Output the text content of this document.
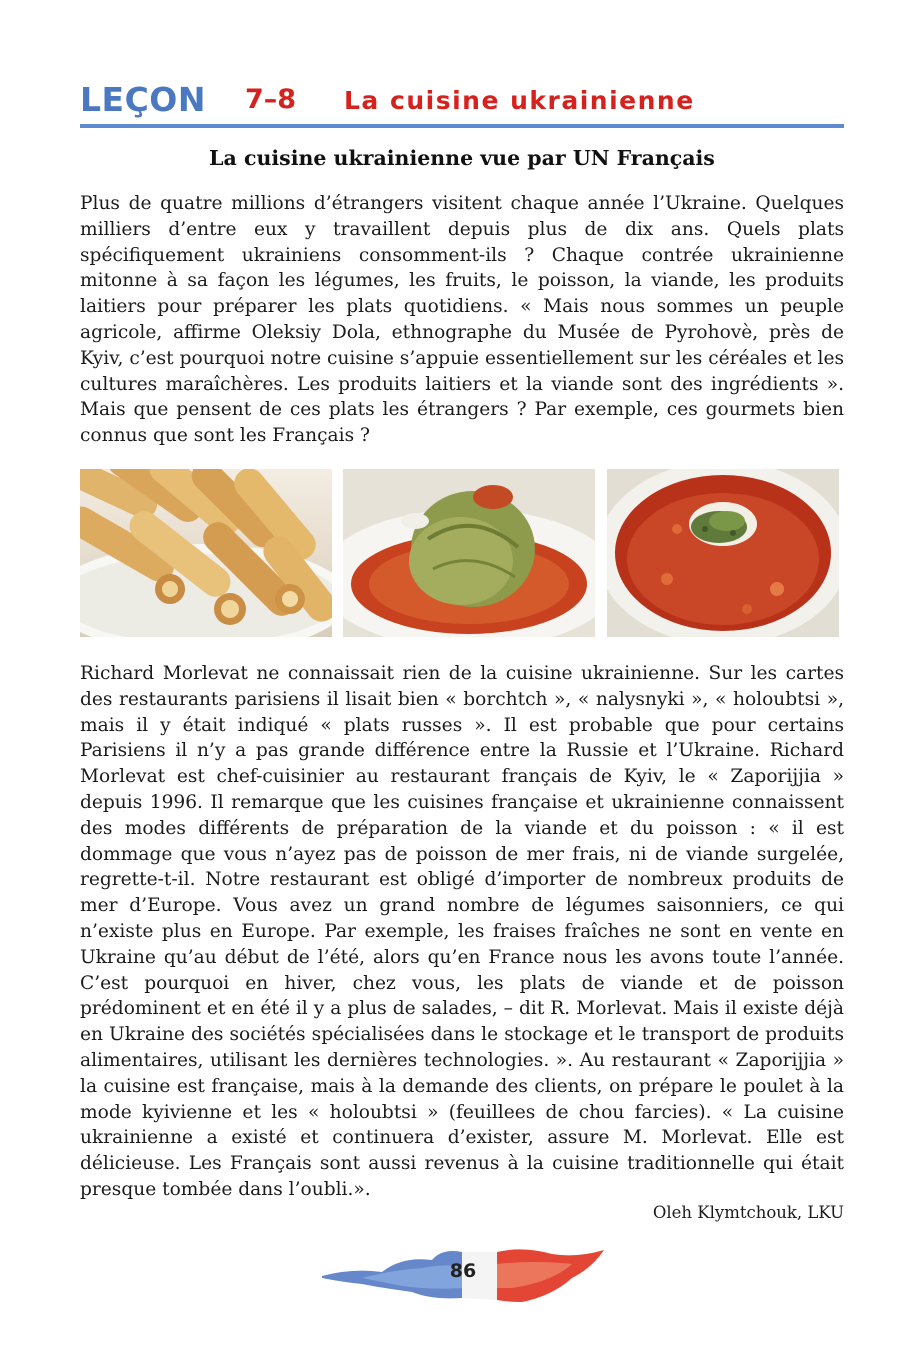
LEÇON 7–8 La cuisine ukrainienne
La cuisine ukrainienne vue par UN Français

Plus de quatre millions d’étrangers visitent chaque année l’Ukraine. Quelques milliers d’entre eux y travaillent depuis plus de dix ans. Quels plats spécifiquement ukrainiens consomment-ils ? Chaque contrée ukrainienne mitonne à sa façon les légumes, les fruits, le poisson, la viande, les produits laitiers pour préparer les plats quotidiens. « Mais nous sommes un peuple agricole, affirme Oleksiy Dola, ethnographe du Musée de Pyrohovè, près de Kyiv, c’est pourquoi notre cuisine s’appuie essentiellement sur les céréales et les cultures maraîchères. Les produits laitiers et la viande sont des ingrédients ». Mais que pensent de ces plats les étrangers ? Par exemple, ces gourmets bien connus que sont les Français ?

Richard Morlevat ne connaissait rien de la cuisine ukrainienne. Sur les cartes des restaurants parisiens il lisait bien « borchtch », « nalysnyki », « holoubtsi », mais il y était indiqué « plats russes ». Il est probable que pour certains Parisiens il n’y a pas grande différence entre la Russie et l’Ukraine. Richard Morlevat est chef-cuisinier au restaurant français de Kyiv, le « Zaporijjia » depuis 1996. Il remarque que les cuisines française et ukrainienne connaissent des modes différents de préparation de la viande et du poisson : « il est dommage que vous n’ayez pas de poisson de mer frais, ni de viande surgelée, regrette-t-il. Notre restaurant est obligé d’importer de nombreux produits de mer d’Europe. Vous avez un grand nombre de légumes saisonniers, ce qui n’existe plus en Europe. Par exemple, les fraises fraîches ne sont en vente en Ukraine qu’au début de l’été, alors qu’en France nous les avons toute l’année. C’est pourquoi en hiver, chez vous, les plats de viande et de poisson prédominent et en été il y a plus de salades, – dit R. Morlevat. Mais il existe déjà en Ukraine des sociétés spécialisées dans le stockage et le transport de produits alimentaires, utilisant les dernières technologies. ». Au restaurant « Zaporijjia » la cuisine est française, mais à la demande des clients, on prépare le poulet à la mode kyivienne et les « holoubtsi » (feuillees de chou farcies). « La cuisine ukrainienne a existé et continuera d’exister, assure M. Morlevat. Elle est délicieuse. Les Français sont aussi revenus à la cuisine traditionnelle qui était presque tombée dans l’oubli.».

Oleh Klymtchouk, LKU
86
